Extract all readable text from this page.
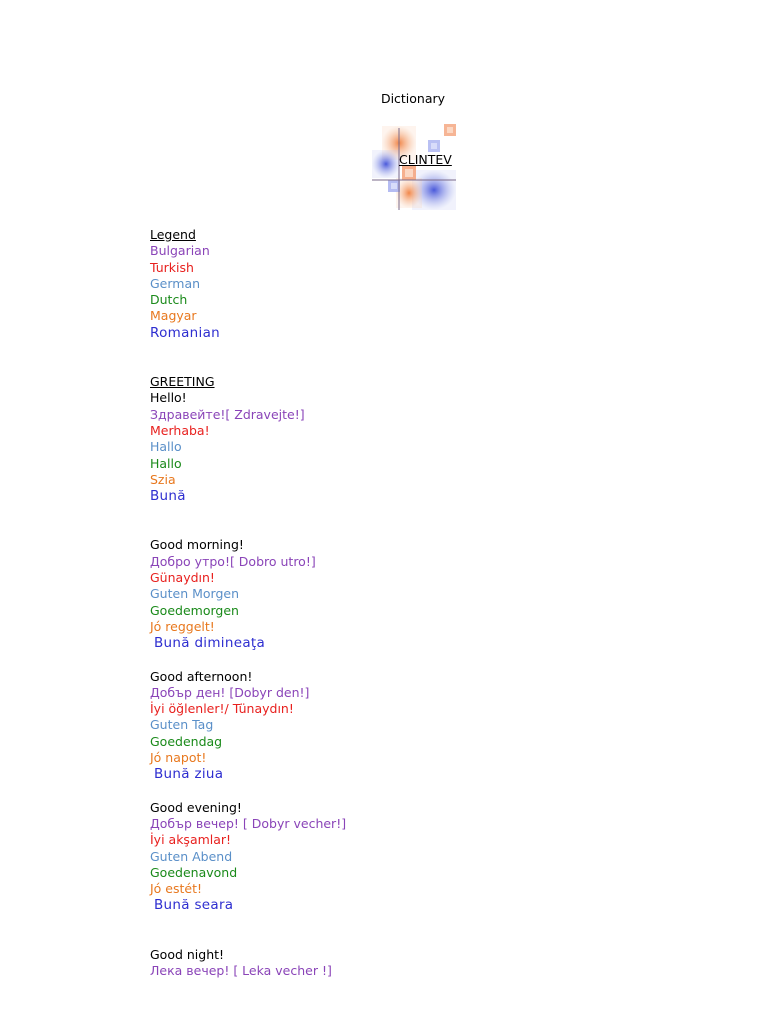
Dictionary
CLINTEV
Legend
Bulgarian
Turkish
German
Dutch
Magyar
Romanian
GREETING
Hello!
Здравейте![ Zdravejte!]
Merhaba!
Hallo
Hallo
Szia
Bună
Good morning!
Добро утро![ Dobro utro!]
Günaydın!
Guten Morgen
Goedemorgen
Jó reggelt!
Bună dimineaţa
Good afternoon!
Добър ден! [Dobyr den!]
İyi öğlenler!/ Tünaydın!
Guten Tag
Goedendag
Jó napot!
Bună ziua
Good evening!
Добър вечер! [ Dobyr vecher!]
İyi akşamlar!
Guten Abend
Goedenavond
Jó estét!
Bună seara
Good night!
Лека вечер! [ Leka vecher !]
